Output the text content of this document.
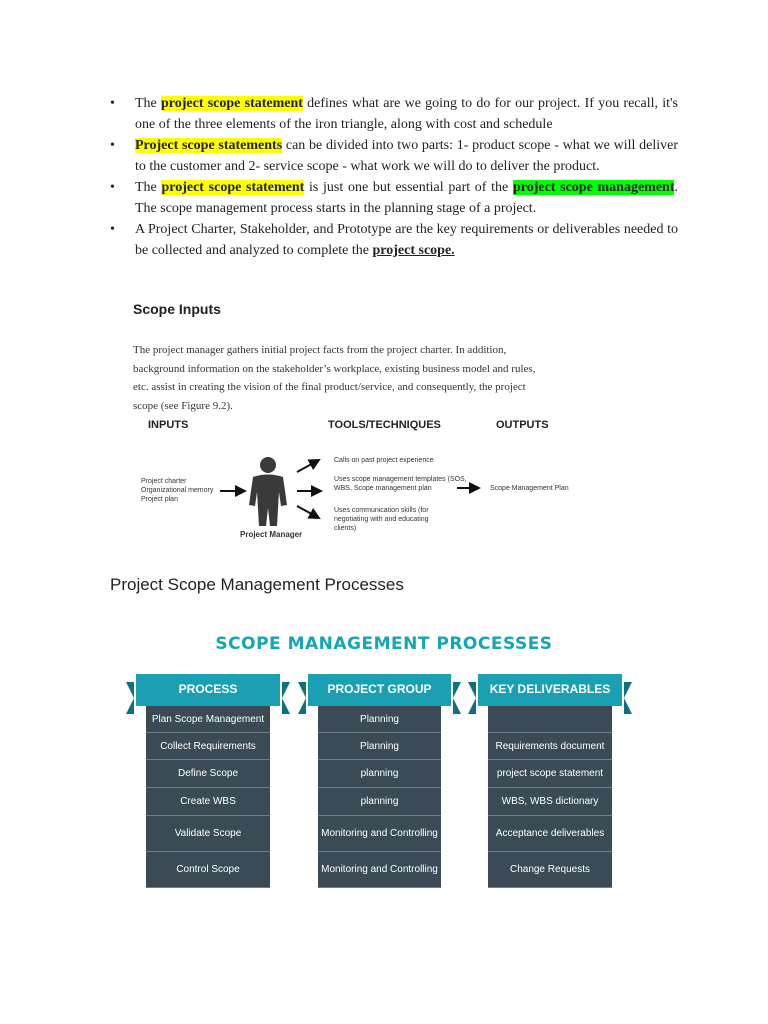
• The project scope statement defines what are we going to do for our project. If you recall, it's one of the three elements of the iron triangle, along with cost and schedule
• Project scope statements can be divided into two parts: 1- product scope - what we will deliver to the customer and 2- service scope - what work we will do to deliver the product.
• The project scope statement is just one but essential part of the project scope management. The scope management process starts in the planning stage of a project.
• A Project Charter, Stakeholder, and Prototype are the key requirements or deliverables needed to be collected and analyzed to complete the project scope.
Scope Inputs
The project manager gathers initial project facts from the project charter. In addition, background information on the stakeholder’s workplace, existing business model and rules, etc. assist in creating the vision of the final product/service, and consequently, the project scope (see Figure 9.2).
INPUTS	TOOLS/TECHNIQUES	OUTPUTS
Project charter
Organizational memory
Project plan
Project Manager
Calls on past project experience
Uses scope management templates (SOS, WBS, Scope management plan
Uses communication skills (for negotiating with and educating clients)
Scope Management Plan
Project Scope Management Processes
SCOPE MANAGEMENT PROCESSES
PROCESS
Plan Scope Management
Collect Requirements
Define Scope
Create WBS
Validate Scope
Control Scope
PROJECT GROUP
Planning
Planning
planning
planning
Monitoring and Controlling
Monitoring and Controlling
KEY DELIVERABLES
Requirements document
project scope statement
WBS, WBS dictionary
Acceptance deliverables
Change Requests
